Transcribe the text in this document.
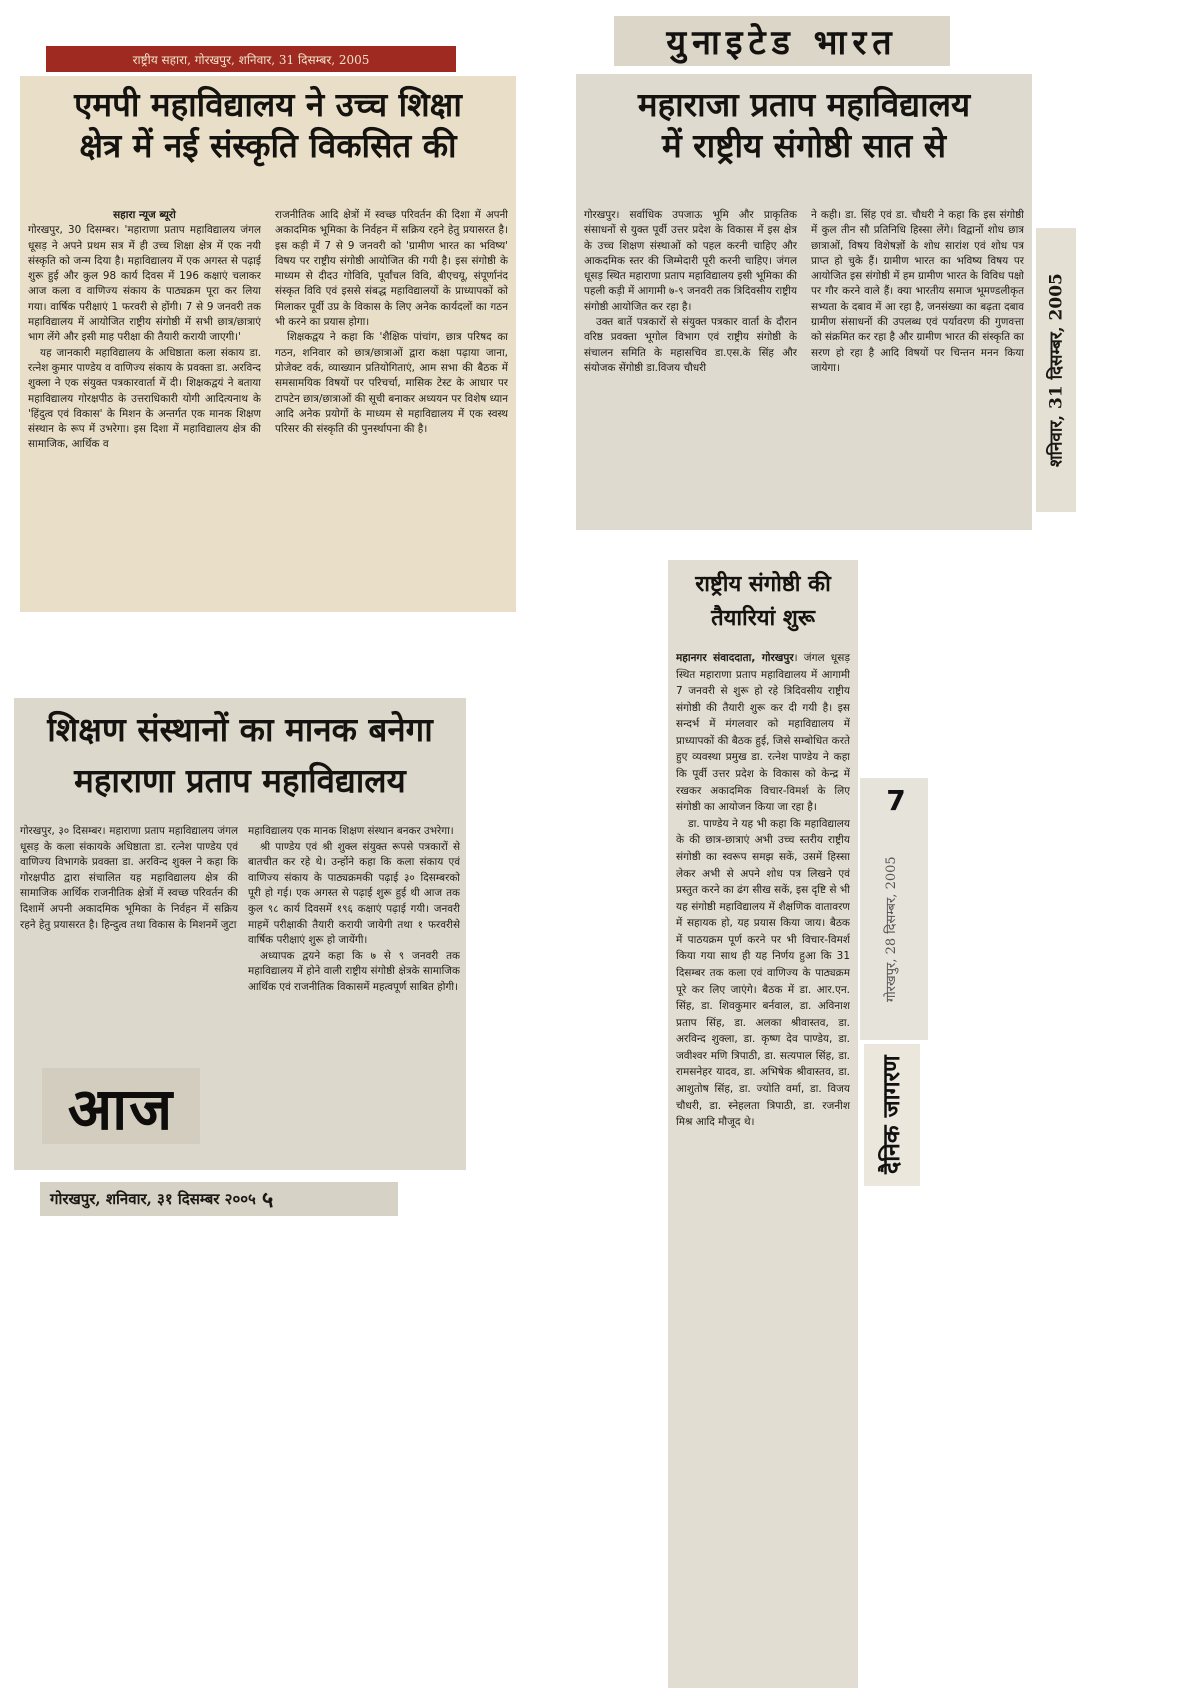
राष्ट्रीय सहारा, गोरखपुर, शनिवार, 31 दिसम्बर, 2005
एमपी महाविद्यालय ने उच्च शिक्षा
क्षेत्र में नई संस्कृति विकसित की

सहारा न्यूज ब्यूरो

गोरखपुर, 30 दिसम्बर। 'महाराणा प्रताप महाविद्यालय जंगल धूसड़ ने अपने प्रथम सत्र में ही उच्च शिक्षा क्षेत्र में एक नयी संस्कृति को जन्म दिया है। महाविद्यालय में एक अगस्त से पढ़ाई शुरू हुई और कुल 98 कार्य दिवस में 196 कक्षाएं चलाकर आज कला व वाणिज्य संकाय के पाठ्यक्रम पूरा कर लिया गया। वार्षिक परीक्षाएं 1 फरवरी से होंगी। 7 से 9 जनवरी तक महाविद्यालय में आयोजित राष्ट्रीय संगोष्ठी में सभी छात्र/छात्राएं भाग लेंगे और इसी माह परीक्षा की तैयारी करायी जाएगी।'

यह जानकारी महाविद्यालय के अधिष्ठाता कला संकाय डा. रत्नेश कुमार पाण्डेय व वाणिज्य संकाय के प्रवक्ता डा. अरविन्द शुक्ला ने एक संयुक्त पत्रकारवार्ता में दी। शिक्षकद्वयं ने बताया महाविद्यालय गोरक्षपीठ के उत्तराधिकारी योगी आदित्यनाथ के 'हिंदुत्व एवं विकास' के मिशन के अन्तर्गत एक मानक शिक्षण संस्थान के रूप में उभरेगा। इस दिशा में महाविद्यालय क्षेत्र की सामाजिक, आर्थिक व

राजनीतिक आदि क्षेत्रों में स्वच्छ परिवर्तन की दिशा में अपनी अकादमिक भूमिका के निर्वहन में सक्रिय रहने हेतु प्रयासरत है। इस कड़ी में 7 से 9 जनवरी को 'ग्रामीण भारत का भविष्य' विषय पर राष्ट्रीय संगोष्ठी आयोजित की गयी है। इस संगोष्ठी के माध्यम से दीदउ गोविवि, पूर्वांचल विवि, बीएचयू, संपूर्णानंद संस्कृत विवि एवं इससे संबद्ध महाविद्यालयों के प्राध्यापकों को मिलाकर पूर्वी उप्र के विकास के लिए अनेक कार्यदलों का गठन भी करने का प्रयास होगा।

शिक्षकद्वय ने कहा कि 'शैक्षिक पांचांग, छात्र परिषद का गठन, शनिवार को छात्र/छात्राओं द्वारा कक्षा पढ़ाया जाना, प्रोजेक्ट वर्क, व्याख्यान प्रतियोगिताएं, आम सभा की बैठक में समसामयिक विषयों पर परिचर्चा, मासिक टेस्ट के आधार पर टापटेन छात्र/छात्राओं की सूची बनाकर अध्ययन पर विशेष ध्यान आदि अनेक प्रयोगों के माध्यम से महाविद्यालय में एक स्वस्थ परिसर की संस्कृति की पुनर्स्थापना की है।

युनाइटेड भारत
महाराजा प्रताप महाविद्यालय
में राष्ट्रीय संगोष्ठी सात से

गोरखपुर। सर्वाधिक उपजाऊ भूमि और प्राकृतिक संसाधनों से युक्त पूर्वी उत्तर प्रदेश के विकास में इस क्षेत्र के उच्च शिक्षण संस्थाओं को पहल करनी चाहिए और आकदमिक स्तर की जिम्मेदारी पूरी करनी चाहिए। जंगल धूसड़ स्थित महाराणा प्रताप महाविद्यालय इसी भूमिका की पहली कड़ी में आगामी ७-९ जनवरी तक त्रिदिवसीय राष्ट्रीय संगोष्ठी आयोजित कर रहा है।

उक्त बातें पत्रकारों से संयुक्त पत्रकार वार्ता के दौरान वरिष्ठ प्रवक्ता भूगोल विभाग एवं राष्ट्रीय संगोष्ठी के संचालन समिति के महासचिव डा.एस.के सिंह और संयोजक सेंगोष्ठी डा.विजय चौधरी

ने कही। डा. सिंह एवं डा. चौधरी ने कहा कि इस संगोष्ठी में कुल तीन सौ प्रतिनिधि हिस्सा लेंगे। विद्वानों शोध छात्र छात्राओं, विषय विशेषज्ञों के शोध सारांश एवं शोध पत्र प्राप्त हो चुके हैं। ग्रामीण भारत का भविष्य विषय पर आयोजित इस संगोष्ठी में हम ग्रामीण भारत के विविध पक्षो पर गौर करने वाले हैं। क्या भारतीय समाज भूमण्डलीकृत सभ्यता के दबाव में आ रहा है, जनसंख्या का बढ़ता दबाव ग्रामीण संसाधनों की उपलब्ध एवं पर्यावरण की गुणवत्ता को संक्रमित कर रहा है और ग्रामीण भारत की संस्कृति का सरण हो रहा है आदि विषयों पर चिन्तन मनन किया जायेगा।	शनिवार, 31 दिसम्बर, 2005
शिक्षण संस्थानों का मानक बनेगा
महाराणा प्रताप महाविद्यालय

गोरखपुर, ३० दिसम्बर। महाराणा प्रताप महाविद्यालय जंगल धूसड़ के कला संकायके अधिष्ठाता डा. रत्नेश पाण्डेय एवं वाणिज्य विभागके प्रवक्ता डा. अरविन्द शुक्ल ने कहा कि गोरक्षपीठ द्वारा संचालित यह महाविद्यालय क्षेत्र की सामाजिक आर्थिक राजनीतिक क्षेत्रों में स्वच्छ परिवर्तन की दिशामें अपनी अकादमिक भूमिका के निर्वहन में सक्रिय रहने हेतु प्रयासरत है। हिन्दुत्व तथा विकास के मिशनमें जुटा

महाविद्यालय एक मानक शिक्षण संस्थान बनकर उभरेगा।

श्री पाण्डेय एवं श्री शुक्ल संयुक्त रूपसे पत्रकारों से बातचीत कर रहे थे। उन्होंने कहा कि कला संकाय एवं वाणिज्य संकाय के पाठ्यक्रमकी पढ़ाई ३० दिसम्बरको पूरी हो गई। एक अगस्त से पढ़ाई शुरू हुई थी आज तक कुल ९८ कार्य दिवसमें १९६ कक्षाएं पढ़ाई गयी। जनवरी माहमें परीक्षाकी तैयारी करायी जायेगी तथा १ फरवरीसे वार्षिक परीक्षाएं शुरू हो जायेंगी।

अध्यापक द्वयने कहा कि ७ से ९ जनवरी तक महाविद्यालय में होने वाली राष्ट्रीय संगोष्ठी क्षेत्रके सामाजिक आर्थिक एवं राजनीतिक विकासमें महत्वपूर्ण साबित होगी।

आज
गोरखपुर, शनिवार, ३१ दिसम्बर २००५ ५
राष्ट्रीय संगोष्ठी की
तैयारियां शुरू

महानगर संवाददाता, गोरखपुर। जंगल धूसड़ स्थित महाराणा प्रताप महाविद्यालय में आगामी 7 जनवरी से शुरू हो रहे त्रिदिवसीय राष्ट्रीय संगोष्ठी की तैयारी शुरू कर दी गयी है। इस सन्दर्भ में मंगलवार को महाविद्यालय में प्राध्यापकों की बैठक हुई, जिसे सम्बोधित करते हुए व्यवस्था प्रमुख डा. रत्नेश पाण्डेय ने कहा कि पूर्वी उत्तर प्रदेश के विकास को केन्द्र में रखकर अकादमिक विचार-विमर्श के लिए संगोष्ठी का आयोजन किया जा रहा है।

डा. पाण्डेय ने यह भी कहा कि महाविद्यालय के की छात्र-छात्राएं अभी उच्च स्तरीय राष्ट्रीय संगोष्ठी का स्वरूप समझ सकें, उसमें हिस्सा लेकर अभी से अपने शोध पत्र लिखने एवं प्रस्तुत करने का ढंग सीख सकें, इस दृष्टि से भी यह संगोष्ठी महाविद्यालय में शैक्षणिक वातावरण में सहायक हो, यह प्रयास किया जाय। बैठक में पाठयक्रम पूर्ण करने पर भी विचार-विमर्श किया गया साथ ही यह निर्णय हुआ कि 31 दिसम्बर तक कला एवं वाणिज्य के पाठ्यक्रम पूरे कर लिए जाएंगे। बैठक में डा. आर.एन. सिंह, डा. शिवकुमार बर्नवाल, डा. अविनाश प्रताप सिंह, डा. अलका श्रीवास्तव, डा. अरविन्द शुक्ला, डा. कृष्ण देव पाण्डेय, डा. जवीश्वर मणि त्रिपाठी, डा. सत्यपाल सिंह, डा. रामसनेहर यादव, डा. अभिषेक श्रीवास्तव, डा. आशुतोष सिंह, डा. ज्योति वर्मा, डा. विजय चौधरी, डा. स्नेहलता त्रिपाठी, डा. रजनीश मिश्र आदि मौजूद थे।

7
गोरखपुर, 28 दिसम्बर, 2005
दैनिक जागरण
